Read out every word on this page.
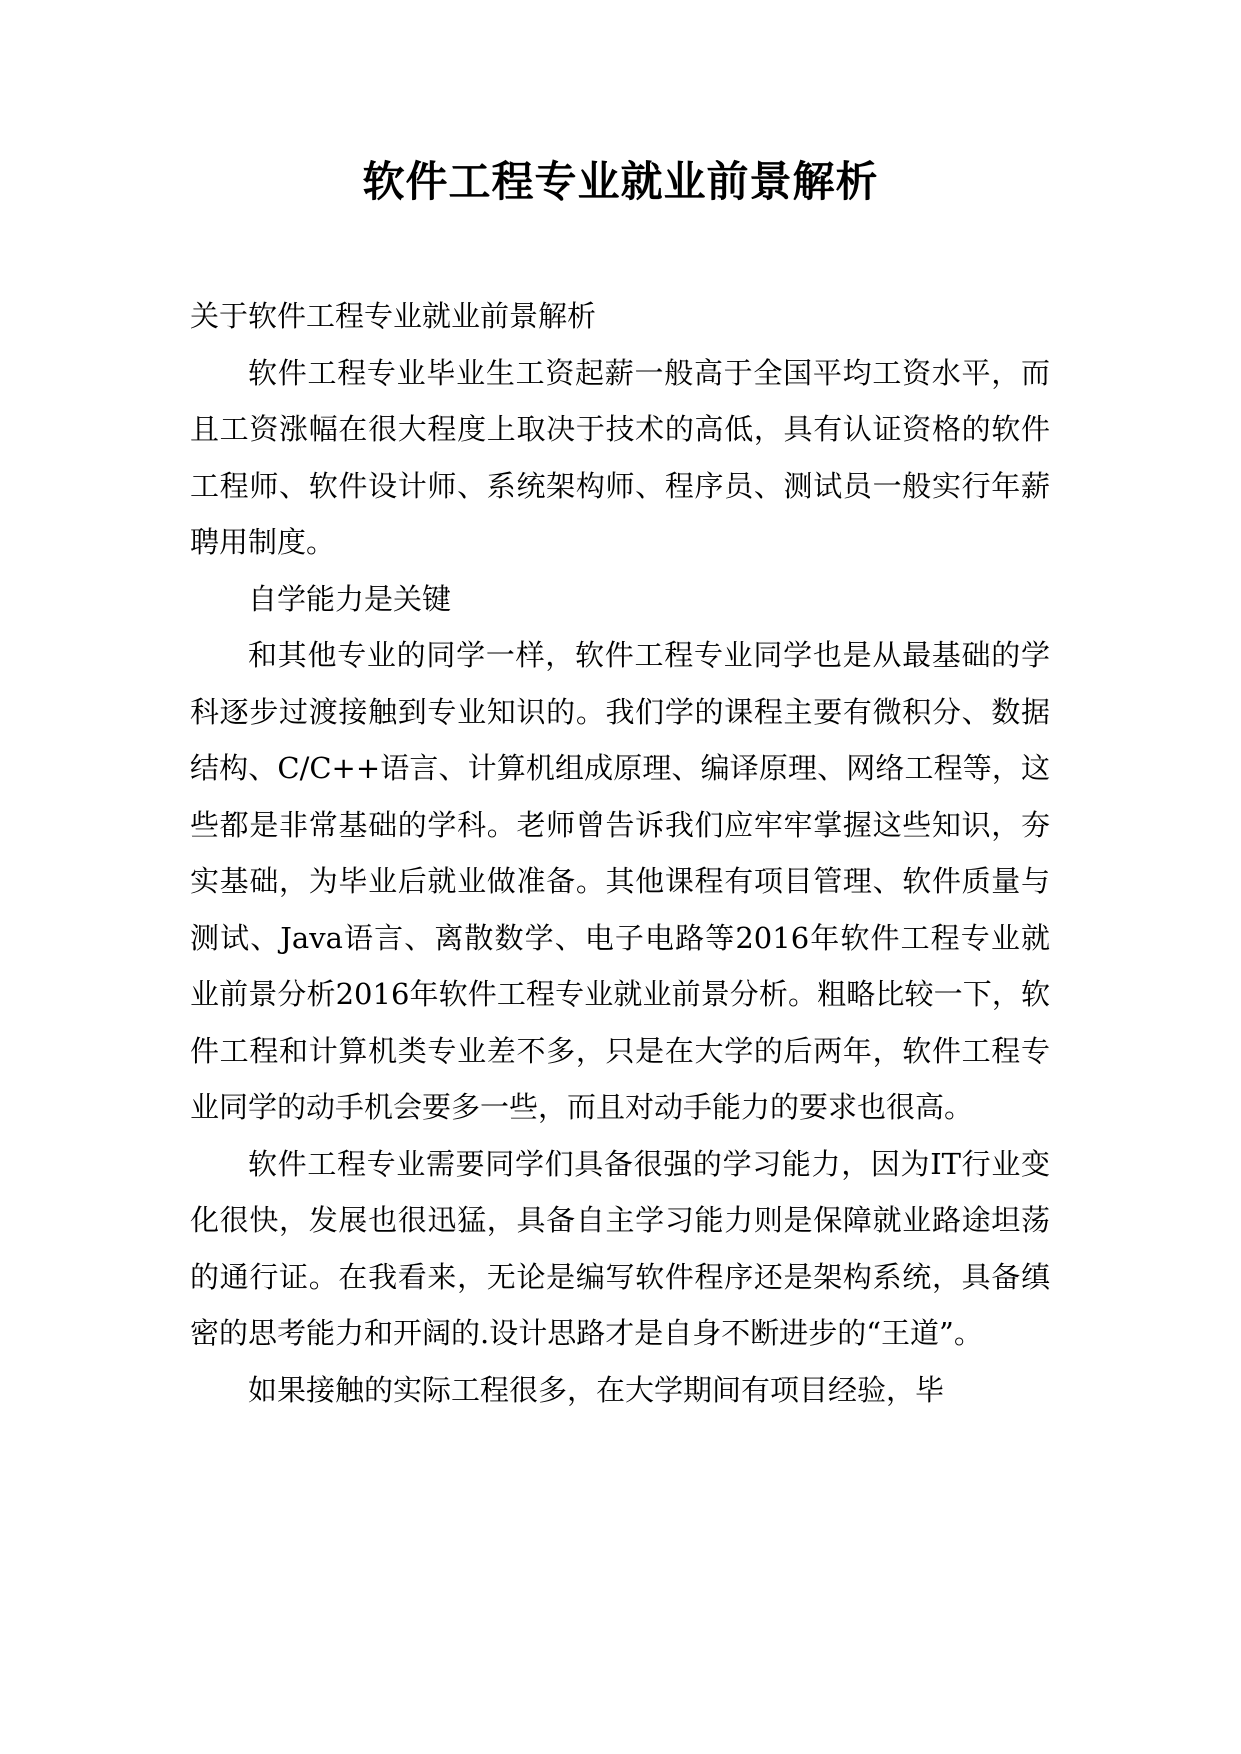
软件工程专业就业前景解析

关于软件工程专业就业前景解析

软件工程专业毕业生工资起薪一般高于全国平均工资水平，而且工资涨幅在很大程度上取决于技术的高低，具有认证资格的软件工程师、软件设计师、系统架构师、程序员、测试员一般实行年薪聘用制度。

自学能力是关键

和其他专业的同学一样，软件工程专业同学也是从最基础的学科逐步过渡接触到专业知识的。我们学的课程主要有微积分、数据结构、C/C++语言、计算机组成原理、编译原理、网络工程等，这些都是非常基础的学科。老师曾告诉我们应牢牢掌握这些知识，夯实基础，为毕业后就业做准备。其他课程有项目管理、软件质量与测试、Java语言、离散数学、电子电路等2016年软件工程专业就业前景分析2016年软件工程专业就业前景分析。粗略比较一下，软件工程和计算机类专业差不多，只是在大学的后两年，软件工程专业同学的动手机会要多一些，而且对动手能力的要求也很高。

软件工程专业需要同学们具备很强的学习能力，因为IT行业变化很快，发展也很迅猛，具备自主学习能力则是保障就业路途坦荡的通行证。在我看来，无论是编写软件程序还是架构系统，具备缜密的思考能力和开阔的.设计思路才是自身不断进步的“王道”。

如果接触的实际工程很多，在大学期间有项目经验，毕
